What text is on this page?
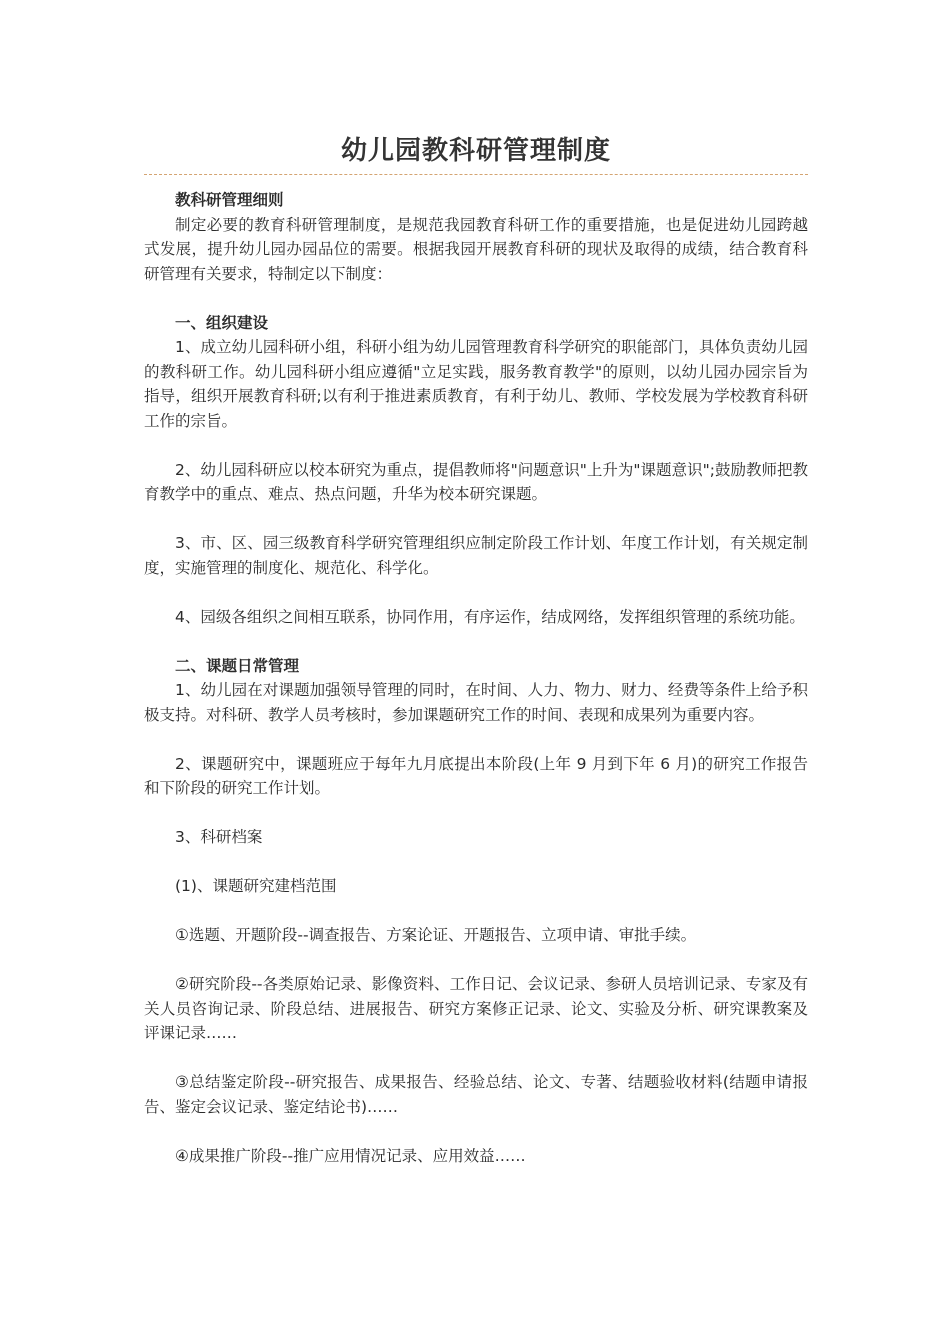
幼儿园教科研管理制度

教科研管理细则

制定必要的教育科研管理制度，是规范我园教育科研工作的重要措施，也是促进幼儿园跨越式发展，提升幼儿园办园品位的需要。根据我园开展教育科研的现状及取得的成绩，结合教育科研管理有关要求，特制定以下制度：

一、组织建设

1、成立幼儿园科研小组，科研小组为幼儿园管理教育科学研究的职能部门，具体负责幼儿园的教科研工作。幼儿园科研小组应遵循"立足实践，服务教育教学"的原则，以幼儿园办园宗旨为指导，组织开展教育科研;以有利于推进素质教育，有利于幼儿、教师、学校发展为学校教育科研工作的宗旨。

2、幼儿园科研应以校本研究为重点，提倡教师将"问题意识"上升为"课题意识";鼓励教师把教育教学中的重点、难点、热点问题，升华为校本研究课题。

3、市、区、园三级教育科学研究管理组织应制定阶段工作计划、年度工作计划，有关规定制度，实施管理的制度化、规范化、科学化。

4、园级各组织之间相互联系，协同作用，有序运作，结成网络，发挥组织管理的系统功能。

二、课题日常管理

1、幼儿园在对课题加强领导管理的同时，在时间、人力、物力、财力、经费等条件上给予积极支持。对科研、教学人员考核时，参加课题研究工作的时间、表现和成果列为重要内容。

2、课题研究中，课题班应于每年九月底提出本阶段(上年 9 月到下年 6 月)的研究工作报告和下阶段的研究工作计划。

3、科研档案

(1)、课题研究建档范围

①选题、开题阶段--调查报告、方案论证、开题报告、立项申请、审批手续。

②研究阶段--各类原始记录、影像资料、工作日记、会议记录、参研人员培训记录、专家及有关人员咨询记录、阶段总结、进展报告、研究方案修正记录、论文、实验及分析、研究课教案及评课记录……

③总结鉴定阶段--研究报告、成果报告、经验总结、论文、专著、结题验收材料(结题申请报告、鉴定会议记录、鉴定结论书)……

④成果推广阶段--推广应用情况记录、应用效益……
